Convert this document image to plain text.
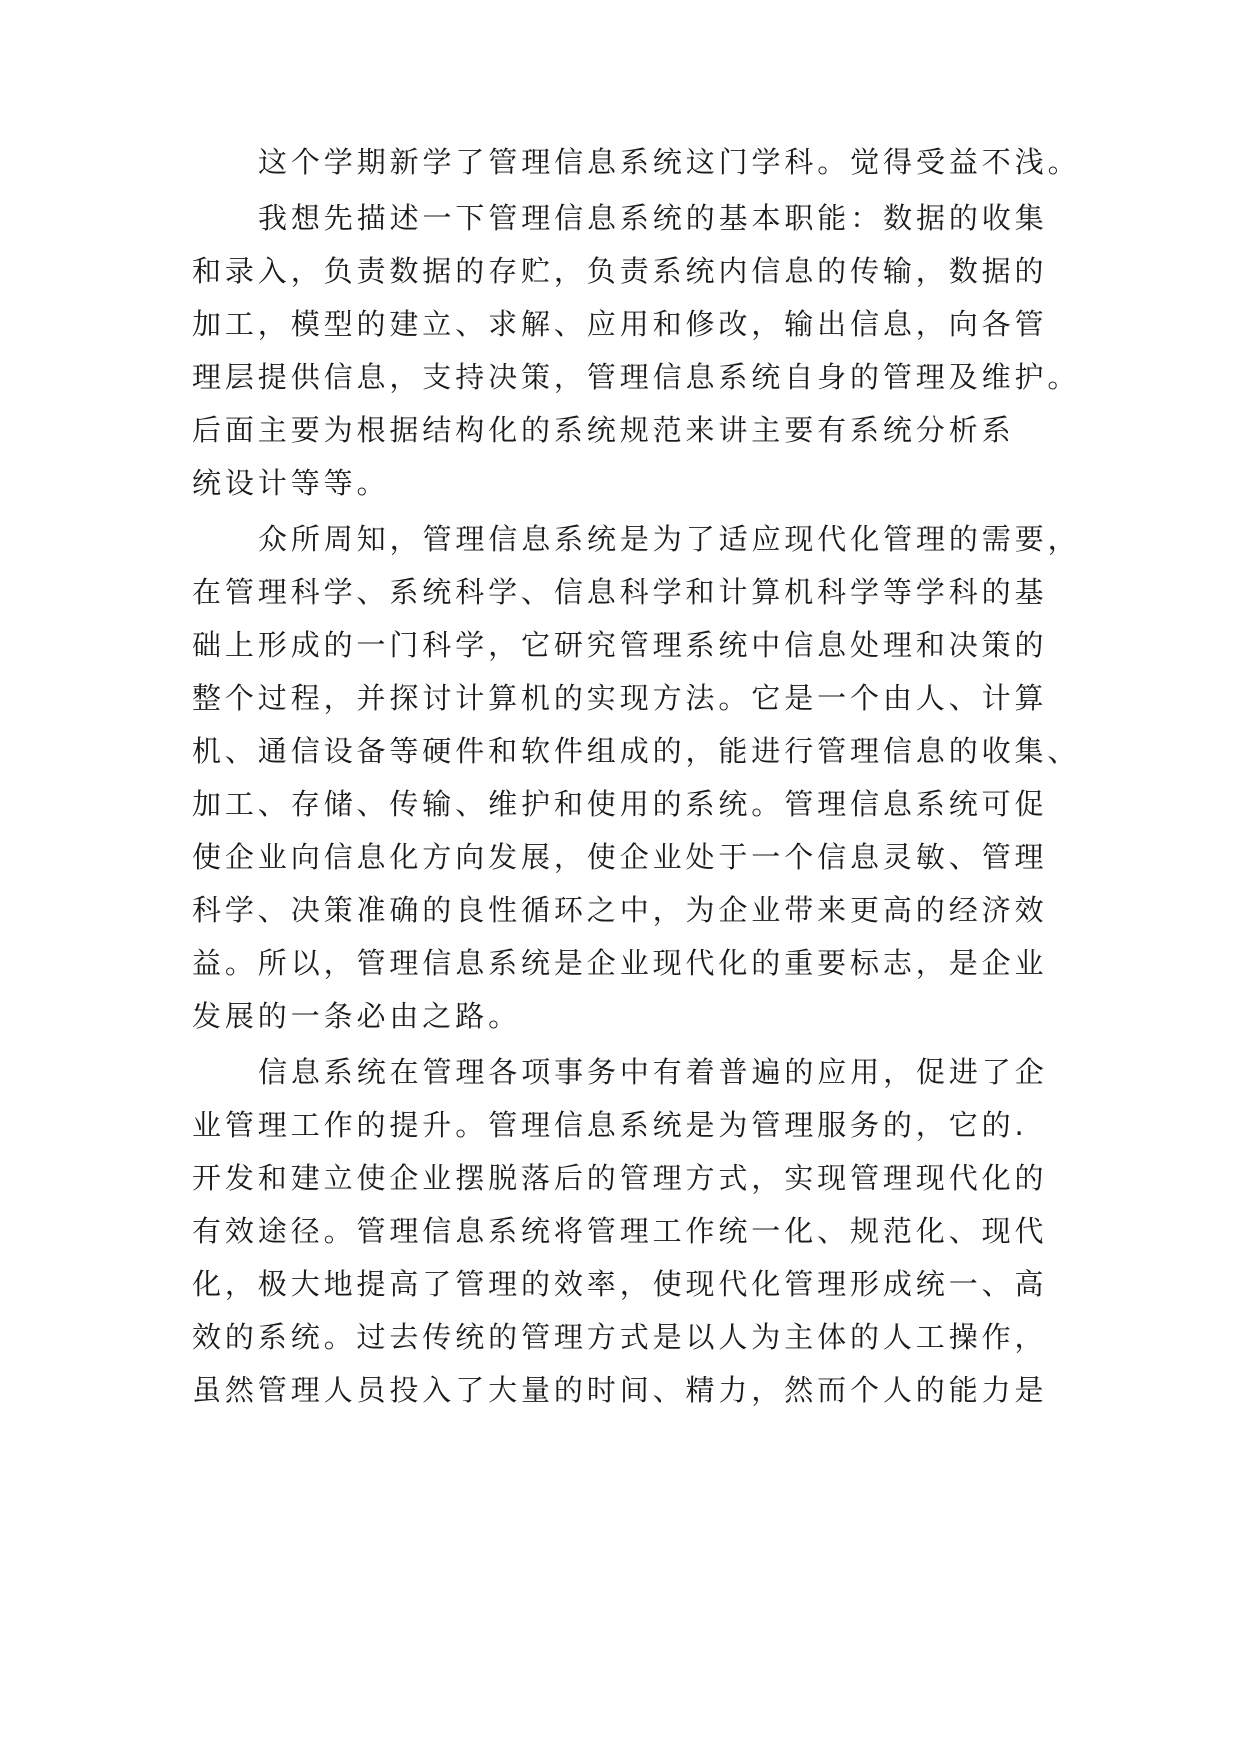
这个学期新学了管理信息系统这门学科。觉得受益不浅。
我想先描述一下管理信息系统的基本职能：数据的收集
和录入，负责数据的存贮，负责系统内信息的传输，数据的
加工，模型的建立、求解、应用和修改，输出信息，向各管
理层提供信息，支持决策，管理信息系统自身的管理及维护。
后面主要为根据结构化的系统规范来讲主要有系统分析系
统设计等等。
众所周知，管理信息系统是为了适应现代化管理的需要，
在管理科学、系统科学、信息科学和计算机科学等学科的基
础上形成的一门科学，它研究管理系统中信息处理和决策的
整个过程，并探讨计算机的实现方法。它是一个由人、计算
机、通信设备等硬件和软件组成的，能进行管理信息的收集、
加工、存储、传输、维护和使用的系统。管理信息系统可促
使企业向信息化方向发展，使企业处于一个信息灵敏、管理
科学、决策准确的良性循环之中，为企业带来更高的经济效
益。所以，管理信息系统是企业现代化的重要标志，是企业
发展的一条必由之路。
信息系统在管理各项事务中有着普遍的应用，促进了企
业管理工作的提升。管理信息系统是为管理服务的，它的.
开发和建立使企业摆脱落后的管理方式，实现管理现代化的
有效途径。管理信息系统将管理工作统一化、规范化、现代
化，极大地提高了管理的效率，使现代化管理形成统一、高
效的系统。过去传统的管理方式是以人为主体的人工操作，
虽然管理人员投入了大量的时间、精力，然而个人的能力是
